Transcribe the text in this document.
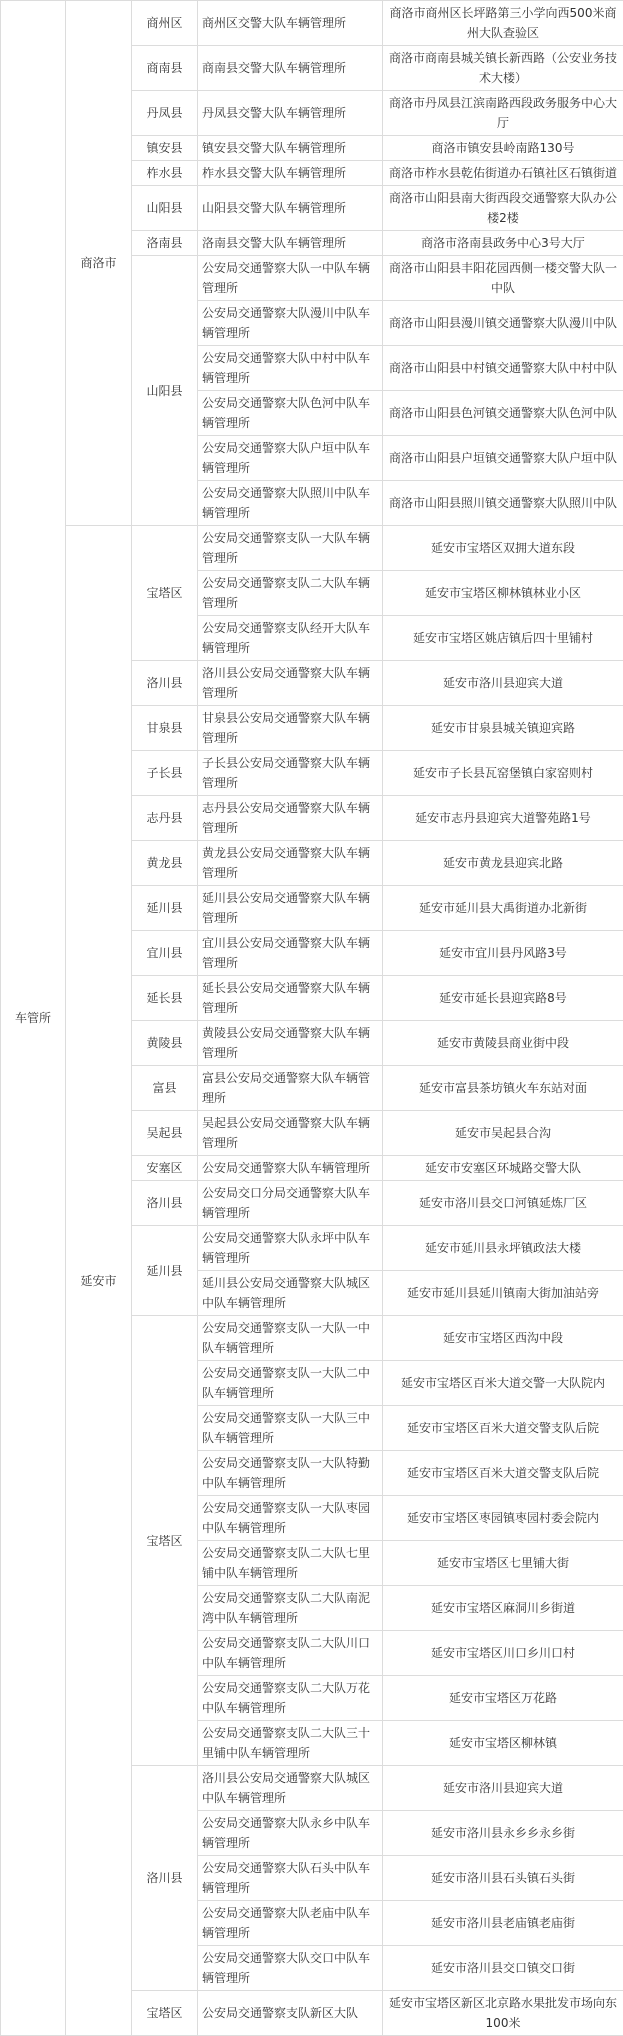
车管所	商洛市	商州区	商州区交警大队车辆管理所	商洛市商州区长坪路第三小学向西500米商州大队查验区
		商南县	商南县交警大队车辆管理所	商洛市商南县城关镇长新西路（公安业务技术大楼）
		丹凤县	丹凤县交警大队车辆管理所	商洛市丹凤县江滨南路西段政务服务中心大厅
		镇安县	镇安县交警大队车辆管理所	商洛市镇安县岭南路130号
		柞水县	柞水县交警大队车辆管理所	商洛市柞水县乾佑街道办石镇社区石镇街道
		山阳县	山阳县交警大队车辆管理所	商洛市山阳县南大街西段交通警察大队办公楼2楼
		洛南县	洛南县交警大队车辆管理所	商洛市洛南县政务中心3号大厅
		山阳县	公安局交通警察大队一中队车辆管理所	商洛市山阳县丰阳花园西侧一楼交警大队一中队
			公安局交通警察大队漫川中队车辆管理所	商洛市山阳县漫川镇交通警察大队漫川中队
			公安局交通警察大队中村中队车辆管理所	商洛市山阳县中村镇交通警察大队中村中队
			公安局交通警察大队色河中队车辆管理所	商洛市山阳县色河镇交通警察大队色河中队
			公安局交通警察大队户垣中队车辆管理所	商洛市山阳县户垣镇交通警察大队户垣中队
			公安局交通警察大队照川中队车辆管理所	商洛市山阳县照川镇交通警察大队照川中队
	延安市	宝塔区	公安局交通警察支队一大队车辆管理所	延安市宝塔区双拥大道东段
			公安局交通警察支队二大队车辆管理所	延安市宝塔区柳林镇林业小区
			公安局交通警察支队经开大队车辆管理所	延安市宝塔区姚店镇后四十里铺村
		洛川县	洛川县公安局交通警察大队车辆管理所	延安市洛川县迎宾大道
		甘泉县	甘泉县公安局交通警察大队车辆管理所	延安市甘泉县城关镇迎宾路
		子长县	子长县公安局交通警察大队车辆管理所	延安市子长县瓦窑堡镇白家窑则村
		志丹县	志丹县公安局交通警察大队车辆管理所	延安市志丹县迎宾大道警苑路1号
		黄龙县	黄龙县公安局交通警察大队车辆管理所	延安市黄龙县迎宾北路
		延川县	延川县公安局交通警察大队车辆管理所	延安市延川县大禹街道办北新街
		宜川县	宜川县公安局交通警察大队车辆管理所	延安市宜川县丹风路3号
		延长县	延长县公安局交通警察大队车辆管理所	延安市延长县迎宾路8号
		黄陵县	黄陵县公安局交通警察大队车辆管理所	延安市黄陵县商业街中段
		富县	富县公安局交通警察大队车辆管理所	延安市富县茶坊镇火车东站对面
		吴起县	吴起县公安局交通警察大队车辆管理所	延安市吴起县合沟
		安塞区	公安局交通警察大队车辆管理所	延安市安塞区环城路交警大队
		洛川县	公安局交口分局交通警察大队车辆管理所	延安市洛川县交口河镇延炼厂区
		延川县	公安局交通警察大队永坪中队车辆管理所	延安市延川县永坪镇政法大楼
			延川县公安局交通警察大队城区中队车辆管理所	延安市延川县延川镇南大街加油站旁
		宝塔区	公安局交通警察支队一大队一中队车辆管理所	延安市宝塔区西沟中段
			公安局交通警察支队一大队二中队车辆管理所	延安市宝塔区百米大道交警一大队院内
			公安局交通警察支队一大队三中队车辆管理所	延安市宝塔区百米大道交警支队后院
			公安局交通警察支队一大队特勤中队车辆管理所	延安市宝塔区百米大道交警支队后院
			公安局交通警察支队一大队枣园中队车辆管理所	延安市宝塔区枣园镇枣园村委会院内
			公安局交通警察支队二大队七里铺中队车辆管理所	延安市宝塔区七里铺大街
			公安局交通警察支队二大队南泥湾中队车辆管理所	延安市宝塔区麻洞川乡街道
			公安局交通警察支队二大队川口中队车辆管理所	延安市宝塔区川口乡川口村
			公安局交通警察支队二大队万花中队车辆管理所	延安市宝塔区万花路
			公安局交通警察支队二大队三十里铺中队车辆管理所	延安市宝塔区柳林镇
		洛川县	洛川县公安局交通警察大队城区中队车辆管理所	延安市洛川县迎宾大道
			公安局交通警察大队永乡中队车辆管理所	延安市洛川县永乡乡永乡街
			公安局交通警察大队石头中队车辆管理所	延安市洛川县石头镇石头街
			公安局交通警察大队老庙中队车辆管理所	延安市洛川县老庙镇老庙街
			公安局交通警察大队交口中队车辆管理所	延安市洛川县交口镇交口街
		宝塔区	公安局交通警察支队新区大队	延安市宝塔区新区北京路水果批发市场向东100米
